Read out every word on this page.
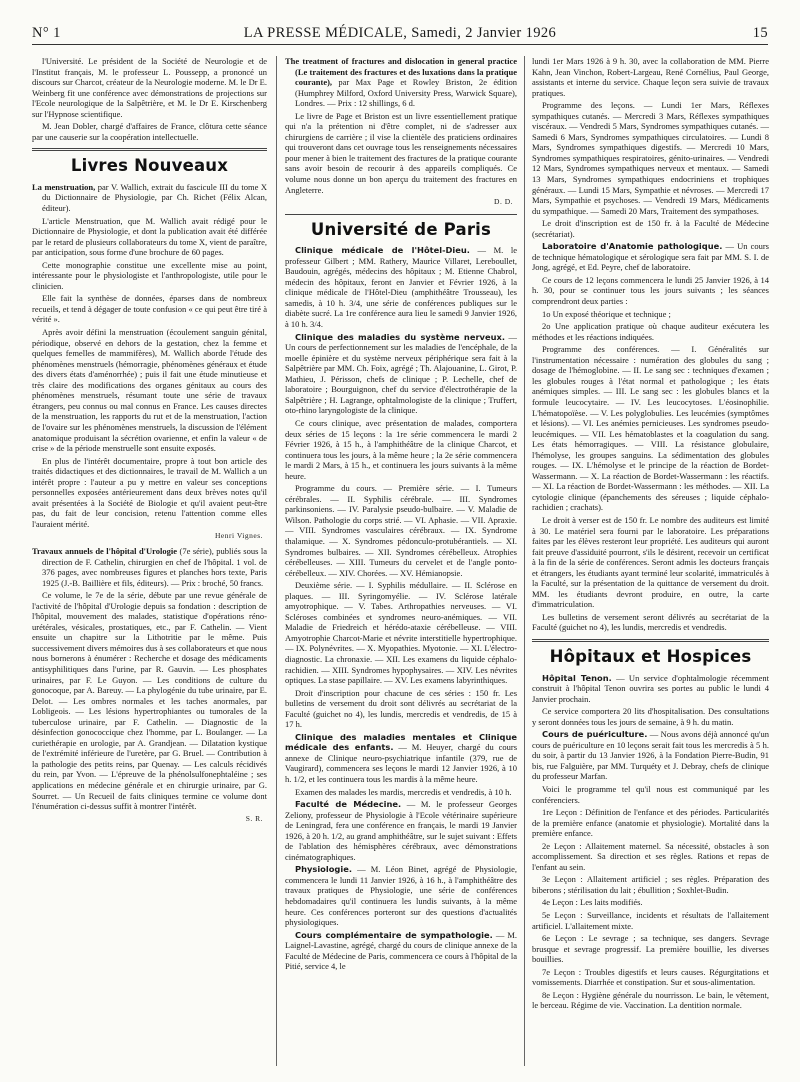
N° 1	LA PRESSE MÉDICALE, Samedi, 2 Janvier 1926	15

l'Université. Le président de la Société de Neurologie et de l'Institut français, M. le professeur L. Poussepp, a prononcé un discours sur Charcot, créateur de la Neurologie moderne. M. le Dr E. Weinberg fit une conférence avec démonstrations de projections sur l'Ecole neurologique de la Salpêtrière, et M. le Dr E. Kirschenberg sur l'Hypnose scientifique.

M. Jean Dobler, chargé d'affaires de France, clôtura cette séance par une causerie sur la coopération intellectuelle.

Livres Nouveaux

La menstruation, par V. Wallich, extrait du fascicule III du tome X du Dictionnaire de Physiologie, par Ch. Richet (Félix Alcan, éditeur).

L'article Menstruation, que M. Wallich avait rédigé pour le Dictionnaire de Physiologie, et dont la publication avait été différée par le retard de plusieurs collaborateurs du tome X, vient de paraître, par anticipation, sous forme d'une brochure de 60 pages.

Cette monographie constitue une excellente mise au point, intéressante pour le physiologiste et l'anthropologiste, utile pour le clinicien.

Elle fait la synthèse de données, éparses dans de nombreux recueils, et tend à dégager de toute confusion « ce qui peut être tiré à vérité ».

Après avoir défini la menstruation (écoulement sanguin génital, périodique, observé en dehors de la gestation, chez la femme et quelques femelles de mammifères), M. Wallich aborde l'étude des phénomènes menstruels (hémorragie, phénomènes généraux et étude des divers états d'aménorrhée) ; puis il fait une étude minutieuse et très claire des modifications des organes génitaux au cours des phénomènes menstruels, résumant toute une série de travaux étrangers, peu connus ou mal connus en France. Les causes directes de la menstruation, les rapports du rut et de la menstruation, l'action de l'ovaire sur les phénomènes menstruels, la discussion de l'élément anatomique produisant la sécrétion ovarienne, et enfin la valeur « de crise » de la période menstruelle sont ensuite exposés.

En plus de l'intérêt documentaire, propre à tout bon article des traités didactiques et des dictionnaires, le travail de M. Wallich a un intérêt propre : l'auteur a pu y mettre en valeur ses conceptions personnelles exposées antérieurement dans deux brèves notes qu'il avait présentées à la Société de Biologie et qu'il avaient peut-être pas, du fait de leur concision, retenu l'attention comme elles l'auraient mérité.

Henri Vignes.

Travaux annuels de l'hôpital d'Urologie (7e série), publiés sous la direction de F. Cathelin, chirurgien en chef de l'hôpital. 1 vol. de 376 pages, avec nombreuses figures et planches hors texte, Paris 1925 (J.-B. Baillière et fils, éditeurs). — Prix : broché, 50 francs.

Ce volume, le 7e de la série, débute par une revue générale de l'activité de l'hôpital d'Urologie depuis sa fondation : description de l'hôpital, mouvement des malades, statistique d'opérations réno-urétérales, vésicales, prostatiques, etc., par F. Cathelin. — Vient ensuite un chapitre sur la Lithotritie par le même. Puis successivement divers mémoires dus à ses collaborateurs et que nous nous bornerons à énumérer : Recherche et dosage des médicaments antisyphilitiques dans l'urine, par R. Gauvin. — Les phosphates urinaires, par F. Le Guyon. — Les conditions de culture du gonocoque, par A. Bareuy. — La phylogénie du tube urinaire, par E. Delot. — Les ombres normales et les taches anormales, par Lobligeois. — Les lésions hypertrophiantes ou tumorales de la tuberculose urinaire, par F. Cathelin. — Diagnostic de la désinfection gonococcique chez l'homme, par L. Boulanger. — La curiethérapie en urologie, par A. Grandjean. — Dilatation kystique de l'extrémité inférieure de l'uretère, par G. Bruel. — Contribution à la pathologie des petits reins, par Quenay. — Les calculs récidivés du rein, par Yvon. — L'épreuve de la phénolsulfonephtaléine ; ses applications en médecine générale et en chirurgie urinaire, par G. Sourret. — Un Recueil de faits cliniques termine ce volume dont l'énumération ci-dessus suffit à montrer l'intérêt.

S. R.

The treatment of fractures and dislocation in general practice (Le traitement des fractures et des luxations dans la pratique courante), par Max Page et Rowley Briston, 2e édition (Humphrey Milford, Oxford University Press, Warwick Square), Londres. — Prix : 12 shillings, 6 d.

Le livre de Page et Briston est un livre essentiellement pratique qui n'a la prétention ni d'être complet, ni de s'adresser aux chirurgiens de carrière ; il vise la clientèle des praticiens ordinaires qui trouveront dans cet ouvrage tous les renseignements nécessaires pour mener à bien le traitement des fractures de la pratique courante sans avoir besoin de recourir à des appareils compliqués. Ce volume nous donne un bon aperçu du traitement des fractures en Angleterre.

D. D.
Université de Paris

Clinique médicale de l'Hôtel-Dieu. — M. le professeur Gilbert ; MM. Rathery, Maurice Villaret, Lereboullet, Baudouin, agrégés, médecins des hôpitaux ; M. Etienne Chabrol, médecin des hôpitaux, feront en Janvier et Février 1926, à la clinique médicale de l'Hôtel-Dieu (amphithéâtre Trousseau), les samedis, à 10 h. 3/4, une série de conférences publiques sur le diabète sucré. La 1re conférence aura lieu le samedi 9 Janvier 1926, à 10 h. 3/4.

Clinique des maladies du système nerveux. — Un cours de perfectionnement sur les maladies de l'encéphale, de la moelle épinière et du système nerveux périphérique sera fait à la Salpêtrière par MM. Ch. Foix, agrégé ; Th. Alajouanine, L. Girot, P. Mathieu, J. Périsson, chefs de clinique ; P. Lechelle, chef de laboratoire ; Bourguignon, chef du service d'électrothérapie de la Salpêtrière ; H. Lagrange, ophtalmologiste de la clinique ; Truffert, oto-rhino laryngologiste de la clinique.

Ce cours clinique, avec présentation de malades, comportera deux séries de 15 leçons : la 1re série commencera le mardi 2 Février 1926, à 15 h., à l'amphithéâtre de la clinique Charcot, et continuera tous les jours, à la même heure ; la 2e série commencera le mardi 2 Mars, à 15 h., et continuera les jours suivants à la même heure.

Programme du cours. — Première série. — I. Tumeurs cérébrales. — II. Syphilis cérébrale. — III. Syndromes parkinsoniens. — IV. Paralysie pseudo-bulbaire. — V. Maladie de Wilson. Pathologie du corps strié. — VI. Aphasie. — VII. Apraxie. — VIII. Syndromes vasculaires cérébraux. — IX. Syndrome thalamique. — X. Syndromes pédonculo-protubérantiels. — XI. Syndromes bulbaires. — XII. Syndromes cérébelleux. Atrophies cérébelleuses. — XIII. Tumeurs du cervelet et de l'angle ponto-cérébelleux. — XIV. Chorées. — XV. Hémianopsie.

Deuxième série. — I. Syphilis médullaire. — II. Sclérose en plaques. — III. Syringomyélie. — IV. Sclérose latérale amyotrophique. — V. Tabes. Arthropathies nerveuses. — VI. Scléroses combinées et syndromes neuro-anémiques. — VII. Maladie de Friedreich et hérédo-ataxie cérébelleuse. — VIII. Amyotrophie Charcot-Marie et névrite interstitielle hypertrophique. — IX. Polynévrites. — X. Myopathies. Myotonie. — XI. L'électro-diagnostic. La chronaxie. — XII. Les examens du liquide céphalo-rachidien. — XIII. Syndromes hypophysaires. — XIV. Les névrites optiques. La stase papillaire. — XV. Les examens labyrinthiques.

Droit d'inscription pour chacune de ces séries : 150 fr. Les bulletins de versement du droit sont délivrés au secrétariat de la Faculté (guichet no 4), les lundis, mercredis et vendredis, de 15 à 17 h.

Clinique des maladies mentales et Clinique médicale des enfants. — M. Heuyer, chargé du cours annexe de Clinique neuro-psychiatrique infantile (379, rue de Vaugirard), commencera ses leçons le mardi 12 Janvier 1926, à 10 h. 1/2, et les continuera tous les mardis à la même heure.

Examen des malades les mardis, mercredis et vendredis, à 10 h.

Faculté de Médecine. — M. le professeur Georges Zeliony, professeur de Physiologie à l'Ecole vétérinaire supérieure de Leningrad, fera une conférence en français, le mardi 19 Janvier 1926, à 20 h. 1/2, au grand amphithéâtre, sur le sujet suivant : Effets de l'ablation des hémisphères cérébraux, avec démonstrations cinématographiques.

Physiologie. — M. Léon Binet, agrégé de Physiologie, commencera le lundi 11 Janvier 1926, à 16 h., à l'amphithéâtre des travaux pratiques de Physiologie, une série de conférences hebdomadaires qu'il continuera les lundis suivants, à la même heure. Ces conférences porteront sur des questions d'actualités physiologiques.

Cours complémentaire de sympathologie. — M. Laignel-Lavastine, agrégé, chargé du cours de clinique annexe de la Faculté de Médecine de Paris, commencera ce cours à l'hôpital de la Pitié, service 4, le

lundi 1er Mars 1926 à 9 h. 30, avec la collaboration de MM. Pierre Kahn, Jean Vinchon, Robert-Largeau, René Cornélius, Paul George, assistants et interne du service. Chaque leçon sera suivie de travaux pratiques.

Programme des leçons. — Lundi 1er Mars, Réflexes sympathiques cutanés. — Mercredi 3 Mars, Réflexes sympathiques viscéraux. — Vendredi 5 Mars, Syndromes sympathiques cutanés. — Samedi 6 Mars, Syndromes sympathiques circulatoires. — Lundi 8 Mars, Syndromes sympathiques digestifs. — Mercredi 10 Mars, Syndromes sympathiques respiratoires, génito-urinaires. — Vendredi 12 Mars, Syndromes sympathiques nerveux et mentaux. — Samedi 13 Mars, Syndromes sympathiques endocriniens et trophiques généraux. — Lundi 15 Mars, Sympathie et névroses. — Mercredi 17 Mars, Sympathie et psychoses. — Vendredi 19 Mars, Médicaments du sympathique. — Samedi 20 Mars, Traitement des sympathoses.

Le droit d'inscription est de 150 fr. à la Faculté de Médecine (secrétariat).

Laboratoire d'Anatomie pathologique. — Un cours de technique hématologique et sérologique sera fait par MM. S. I. de Jong, agrégé, et Ed. Peyre, chef de laboratoire.

Ce cours de 12 leçons commencera le lundi 25 Janvier 1926, à 14 h. 30, pour se continuer tous les jours suivants ; les séances comprendront deux parties :

1o Un exposé théorique et technique ;

2o Une application pratique où chaque auditeur exécutera les méthodes et les réactions indiquées.

Programme des conférences. — I. Généralités sur l'instrumentation nécessaire : numération des globules du sang ; dosage de l'hémoglobine. — II. Le sang sec : techniques d'examen ; les globules rouges à l'état normal et pathologique ; les états anémiques simples. — III. Le sang sec : les globules blancs et la formule leucocytaire. — IV. Les leucocytoses. L'éosinophilie. L'hématopoïèse. — V. Les polyglobulies. Les leucémies (symptômes et lésions). — VI. Les anémies pernicieuses. Les syndromes pseudo-leucémiques. — VII. Les hématoblastes et la coagulation du sang. Les états hémorragiques. — VIII. La résistance globulaire, l'hémolyse, les groupes sanguins. La sédimentation des globules rouges. — IX. L'hémolyse et le principe de la réaction de Bordet-Wassermann. — X. La réaction de Bordet-Wassermann : les réactifs. — XI. La réaction de Bordet-Wassermann : les méthodes. — XII. La cytologie clinique (épanchements des séreuses ; liquide céphalo-rachidien ; crachats).

Le droit à verser est de 150 fr. Le nombre des auditeurs est limité à 30. Le matériel sera fourni par le laboratoire. Les préparations faites par les élèves resteront leur propriété. Les auditeurs qui auront fait preuve d'assiduité pourront, s'ils le désirent, recevoir un certificat à la fin de la série de conférences. Seront admis les docteurs français et étrangers, les étudiants ayant terminé leur scolarité, immatriculés à la Faculté, sur la présentation de la quittance de versement du droit. MM. les étudiants devront produire, en outre, la carte d'immatriculation.

Les bulletins de versement seront délivrés au secrétariat de la Faculté (guichet no 4), les lundis, mercredis et vendredis.

Hôpitaux et Hospices

Hôpital Tenon. — Un service d'ophtalmologie récemment construit à l'hôpital Tenon ouvrira ses portes au public le lundi 4 Janvier prochain.

Ce service comportera 20 lits d'hospitalisation. Des consultations y seront données tous les jours de semaine, à 9 h. du matin.

Cours de puériculture. — Nous avons déjà annoncé qu'un cours de puériculture en 10 leçons serait fait tous les mercredis à 5 h. du soir, à partir du 13 Janvier 1926, à la Fondation Pierre-Budin, 91 bis, rue Falguière, par MM. Turquéty et J. Debray, chefs de clinique du professeur Marfan.

Voici le programme tel qu'il nous est communiqué par les conférenciers.

1re Leçon : Définition de l'enfance et des périodes. Particularités de la première enfance (anatomie et physiologie). Mortalité dans la première enfance.

2e Leçon : Allaitement maternel. Sa nécessité, obstacles à son accomplissement. Sa direction et ses règles. Rations et repas de l'enfant au sein.

3e Leçon : Allaitement artificiel ; ses règles. Préparation des biberons ; stérilisation du lait ; ébullition ; Soxhlet-Budin.

4e Leçon : Les laits modifiés.

5e Leçon : Surveillance, incidents et résultats de l'allaitement artificiel. L'allaitement mixte.

6e Leçon : Le sevrage ; sa technique, ses dangers. Sevrage brusque et sevrage progressif. La première bouillie, les diverses bouillies.

7e Leçon : Troubles digestifs et leurs causes. Régurgitations et vomissements. Diarrhée et constipation. Sur et sous-alimentation.

8e Leçon : Hygiène générale du nourrisson. Le bain, le vêtement, le berceau. Régime de vie. Vaccination. La dentition normale.
